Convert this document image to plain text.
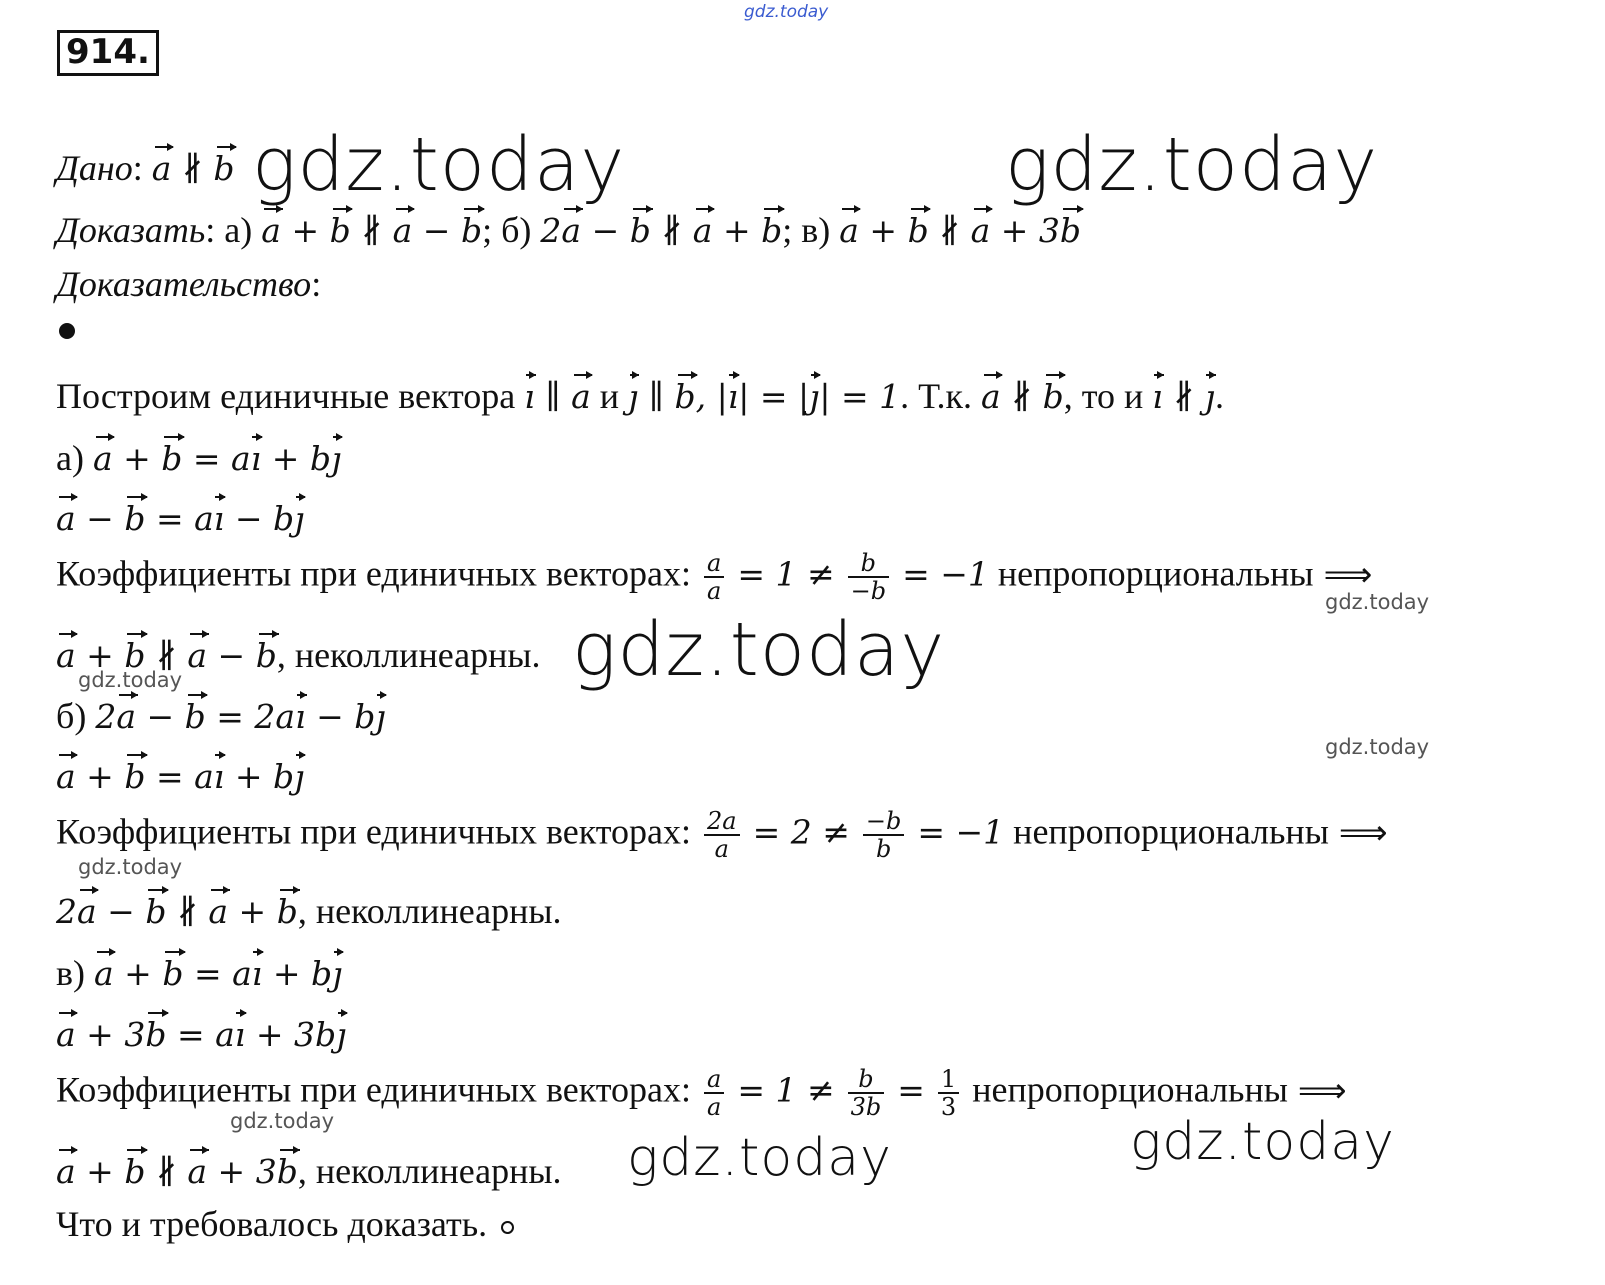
gdz.today
914.
Дано: a ∦ b
Доказать: а) a + b ∦ a − b; б) 2a − b ∦ a + b; в) a + b ∦ a + 3b
Доказательство:
Построим единичные вектора ı ∥ a и ȷ ∥ b, |ı| = |ȷ| = 1. Т.к. a ∦ b, то и ı ∦ ȷ.
а) a + b = aı + bȷ
a − b = aı − bȷ
Коэффициенты при единичных векторах: $\frac{a}{a} = 1 \ne \frac{b}{-b} = -1$ непропорциональны ⟹
a + b ∦ a − b, неколлинеарны.
б) 2a − b = 2aı − bȷ
a + b = aı + bȷ
Коэффициенты при единичных векторах: $\frac{2a}{a} = 2 \ne \frac{-b}{b} = -1$ непропорциональны ⟹
2a − b ∦ a + b, неколлинеарны.
в) a + b = aı + bȷ
a + 3b = aı + 3bȷ
Коэффициенты при единичных векторах: $\frac{a}{a} = 1 \ne \frac{b}{3b} = \frac{1}{3}$ непропорциональны ⟹
a + b ∦ a + 3b, неколлинеарны.
Что и требовалось доказать.
gdz.today	gdz.today
gdz.today
gdz.today	gdz.today
gdz.today
gdz.today
gdz.today
gdz.today
gdz.today
